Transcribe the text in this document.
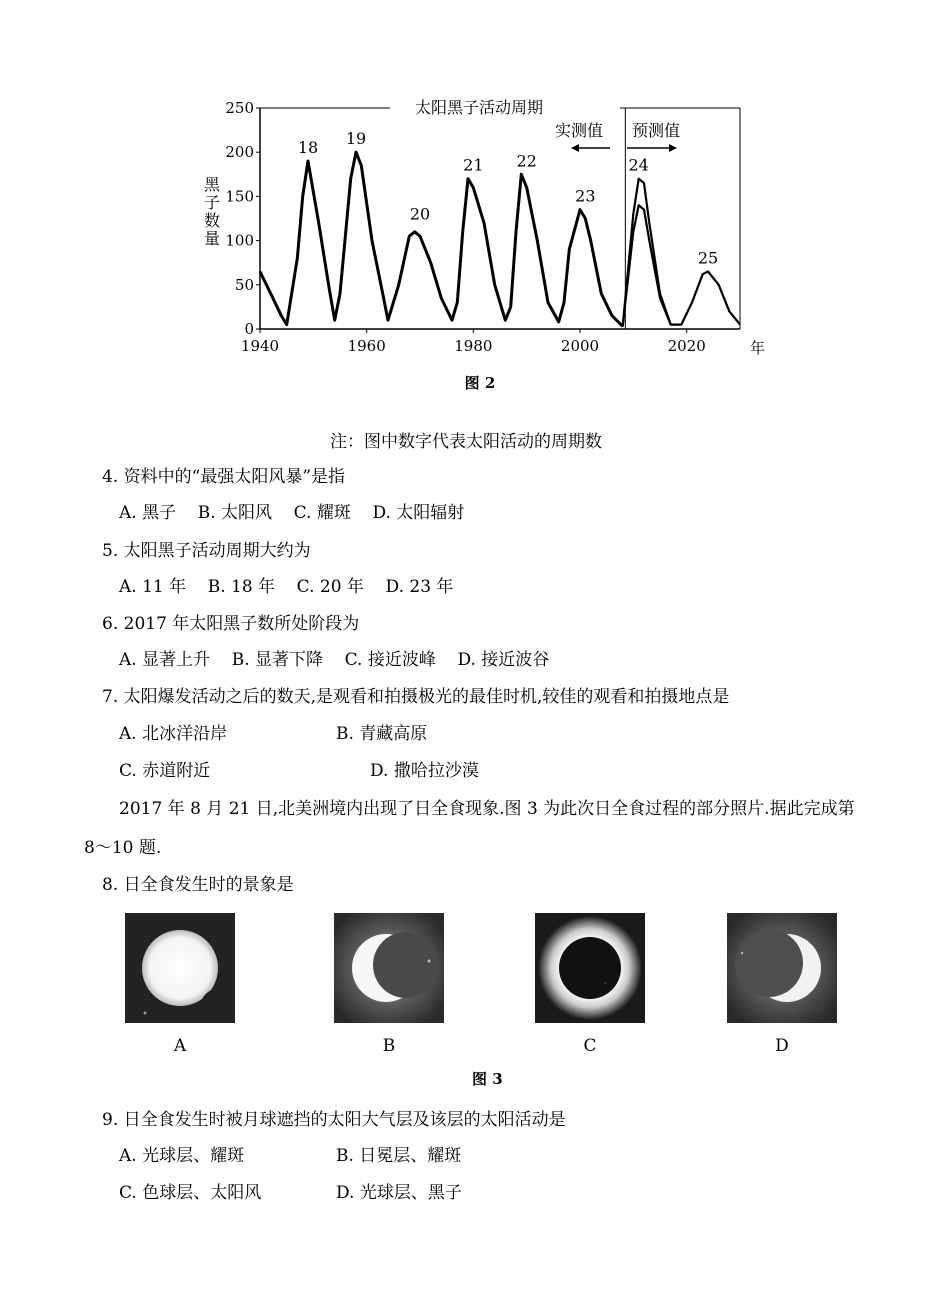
太阳黑子活动周期
实测值 预测值
0
50
100
150
200
250
1940	1960	1980	2000	2020	年
黑
子
数
量
18 19
20
21 22
23
24
25
图 2
注：图中数字代表太阳活动的周期数
4. 资料中的“最强太阳风暴”是指
A. 黑子    B. 太阳风    C. 耀斑    D. 太阳辐射
5. 太阳黑子活动周期大约为
A. 11 年    B. 18 年    C. 20 年    D. 23 年
6. 2017 年太阳黑子数所处阶段为
A. 显著上升    B. 显著下降    C. 接近波峰    D. 接近波谷
7. 太阳爆发活动之后的数天,是观看和拍摄极光的最佳时机,较佳的观看和拍摄地点是
A. 北冰洋沿岸	B. 青藏高原
C. 赤道附近	D. 撒哈拉沙漠
2017 年 8 月 21 日,北美洲境内出现了日全食现象.图 3 为此次日全食过程的部分照片.据此完成第
8～10 题.
8. 日全食发生时的景象是
A	B	C	D
图 3
9. 日全食发生时被月球遮挡的太阳大气层及该层的太阳活动是
A. 光球层、耀斑	B. 日冕层、耀斑
C. 色球层、太阳风	D. 光球层、黑子
